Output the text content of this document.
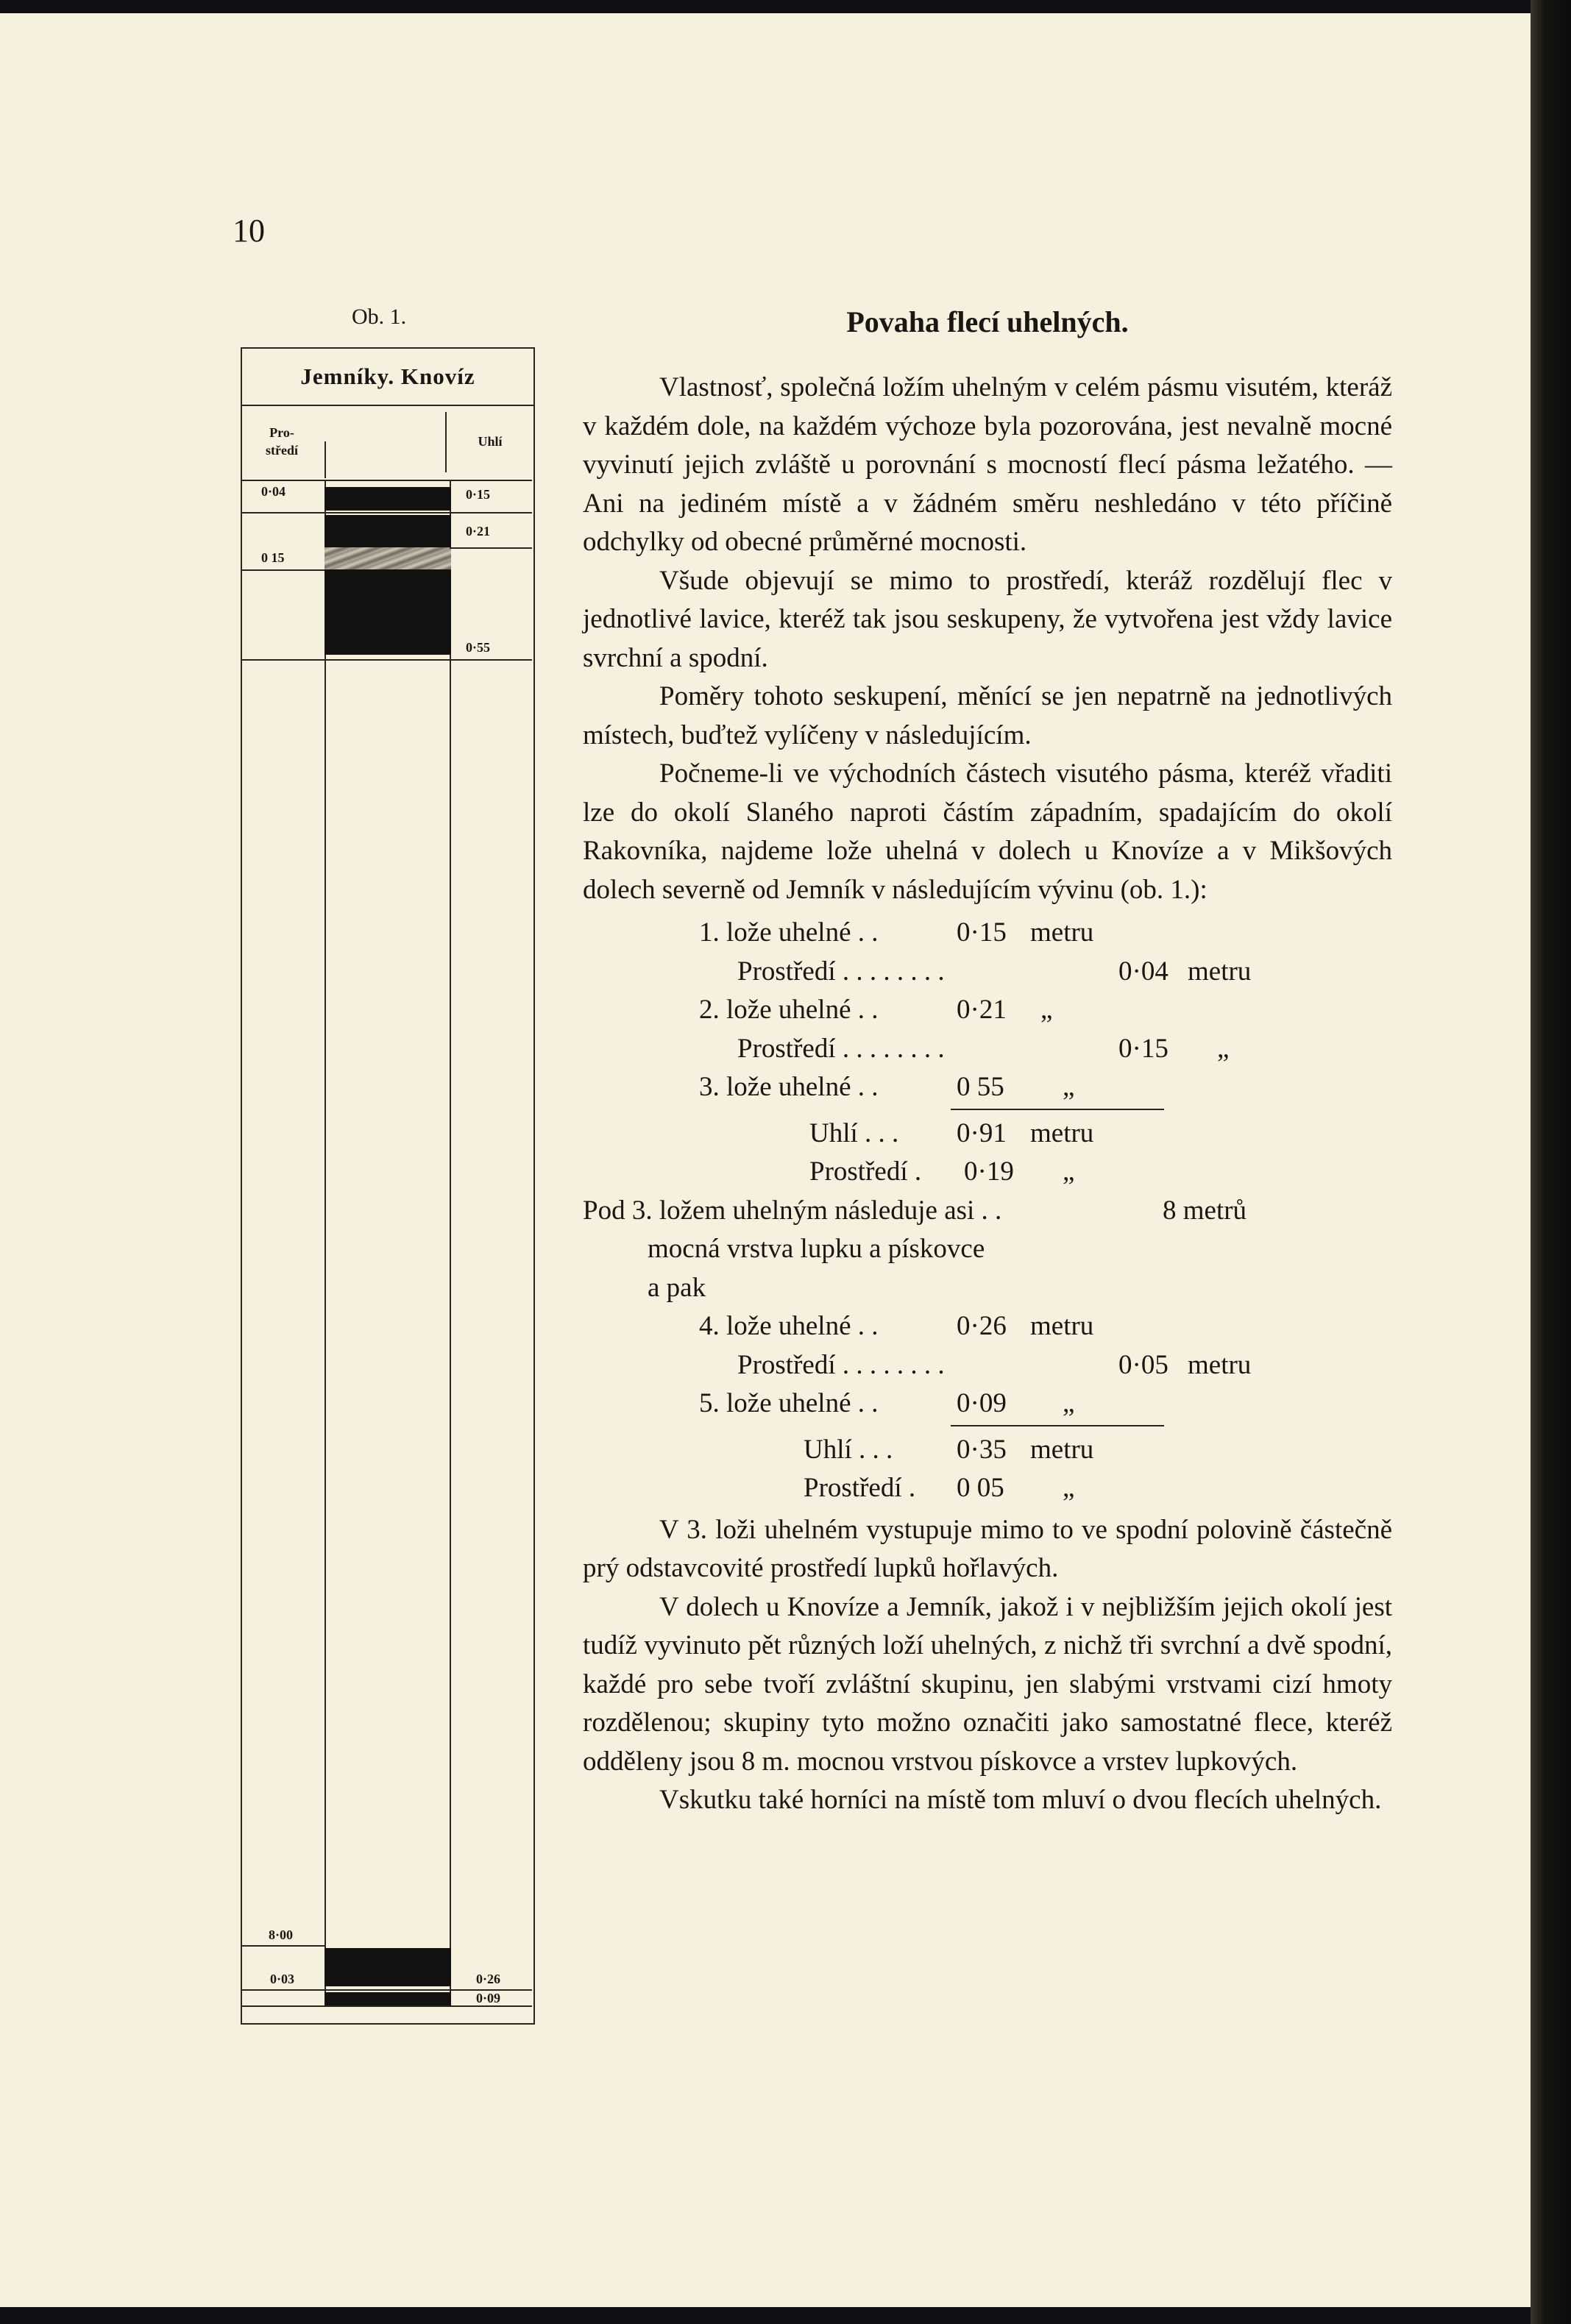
10
Ob. 1.
Jemníky. Knovíz
Pro-
středí
Uhlí
0·04
0 15
8·00
0·03
0·15
0·21
0·55
0·26
0·09
Povaha flecí uhelných.

Vlastnosť, společná ložím uhelným v celém pásmu visutém, kteráž v každém dole, na každém výchoze byla pozorována, jest nevalně mocné vyvinutí jejich zvláště u porovnání s mocností flecí pásma ležatého. — Ani na jediném místě a v žádném směru neshledáno v této příčině odchylky od obecné průměrné mocnosti.

Všude objevují se mimo to prostředí, kteráž rozdělují flec v jednotlivé lavice, kteréž tak jsou seskupeny, že vytvořena jest vždy lavice svrchní a spodní.

Poměry tohoto seskupení, měnící se jen nepatrně na jednotlivých místech, buďtež vylíčeny v následujícím.

Počneme-li ve východních částech visutého pásma, kteréž vřaditi lze do okolí Slaného naproti částím západním, spadajícím do okolí Rakovníka, najdeme lože uhelná v dolech u Knovíze a v Mikšových dolech severně od Jemník v následujícím vývinu (ob. 1.):

1. lože uhelné . .	0·15 metru
Prostředí . . . . . . . .	0·04 metru
2. lože uhelné . .	0·21 „
Prostředí . . . . . . . .	0·15 „
3. lože uhelné . .	0 55 „
Uhlí . . . 0·91 metru
Prostředí . 0·19 „
Pod 3. ložem uhelným následuje asi . .	8 metrů
mocná vrstva lupku a pískovce
a pak
4. lože uhelné . .	0·26 metru
Prostředí . . . . . . . .	0·05 metru
5. lože uhelné . .	0·09 „
Uhlí . . . 0·35 metru
Prostředí . 0 05 „

V 3. loži uhelném vystupuje mimo to ve spodní polovině částečně prý odstavcovité prostředí lupků hořlavých.

V dolech u Knovíze a Jemník, jakož i v nejbližším jejich okolí jest tudíž vyvinuto pět různých loží uhelných, z nichž tři svrchní a dvě spodní, každé pro sebe tvoří zvláštní skupinu, jen slabými vrstvami cizí hmoty rozdělenou; skupiny tyto možno označiti jako samostatné flece, kteréž odděleny jsou 8 m. mocnou vrstvou pískovce a vrstev lupkových.

Vskutku také horníci na místě tom mluví o dvou flecích uhelných.
